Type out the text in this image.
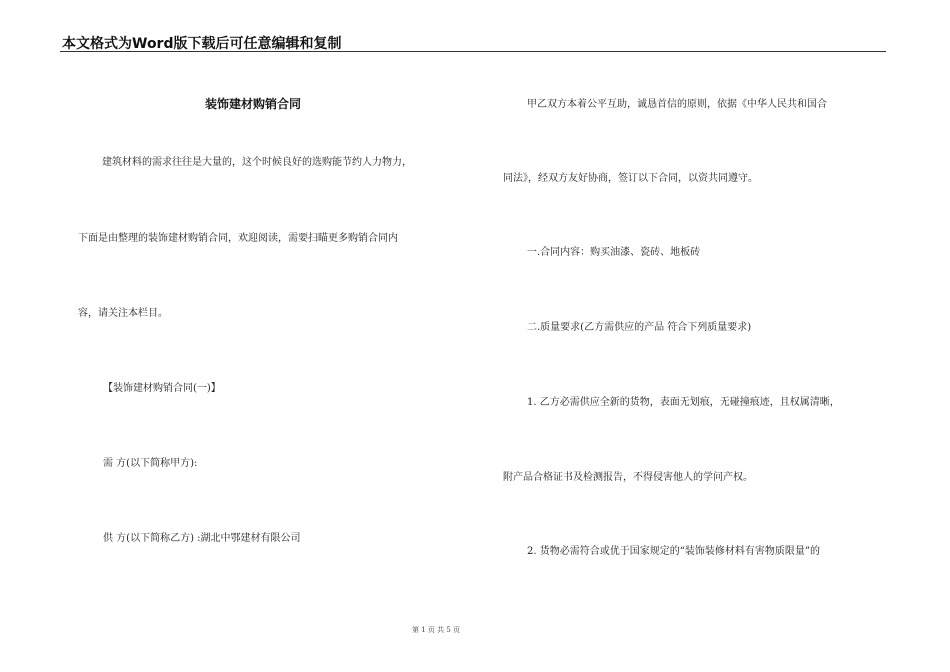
本文格式为Word版下载后可任意编辑和复制
装饰建材购销合同
建筑材料的需求往往是大量的，这个时候良好的选购能节约人力物力，
下面是由整理的装饰建材购销合同，欢迎阅读，需要扫瞄更多购销合同内
容，请关注本栏目。
【装饰建材购销合同(一)】
需 方(以下简称甲方):
供 方(以下简称乙方) :湖北中鄂建材有限公司
甲乙双方本着公平互助，诚恳首信的原则，依据《中华人民共和国合
同法》，经双方友好协商，签订以下合同，以资共同遵守。
一.合同内容：购买油漆、瓷砖、地板砖
二.质量要求(乙方需供应的产品 符合下列质量要求)
1. 乙方必需供应全新的货物，表面无划痕，无碰撞痕迹，且权属清晰，
附产品合格证书及检测报告，不得侵害他人的学问产权。
2. 货物必需符合或优于国家规定的“装饰装修材料有害物质限量”的
第 1 页 共 5 页
